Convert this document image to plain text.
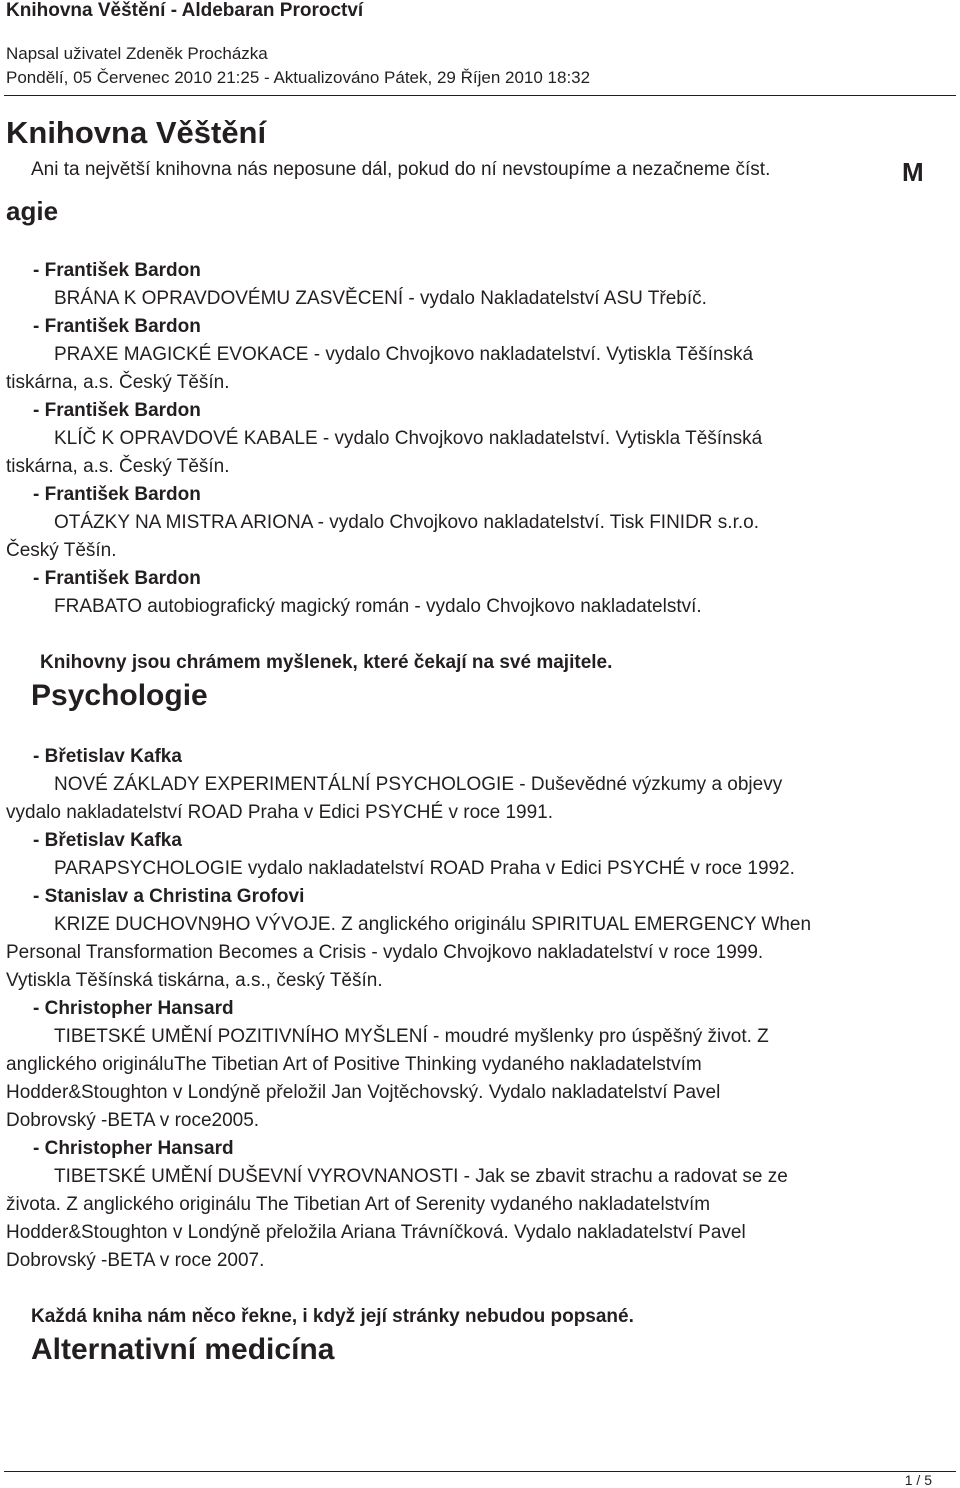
Knihovna Věštění - Aldebaran Proroctví
Napsal uživatel Zdeněk Procházka
Pondělí, 05 Červenec 2010 21:25 - Aktualizováno Pátek, 29 Říjen 2010 18:32
Knihovna Věštění
Ani ta největší knihovna nás neposune dál, pokud do ní nevstoupíme a nezačneme číst.	M
agie
- František Bardon
BRÁNA K OPRAVDOVÉMU ZASVĚCENÍ - vydalo Nakladatelství ASU Třebíč.
- František Bardon
PRAXE MAGICKÉ EVOKACE - vydalo Chvojkovo nakladatelství. Vytiskla Těšínská
tiskárna, a.s. Český Těšín.
- František Bardon
KLÍČ K OPRAVDOVÉ KABALE - vydalo Chvojkovo nakladatelství. Vytiskla Těšínská
tiskárna, a.s. Český Těšín.
- František Bardon
OTÁZKY NA MISTRA ARIONA - vydalo Chvojkovo nakladatelství. Tisk FINIDR s.r.o.
Český Těšín.
- František Bardon
FRABATO autobiografický magický román - vydalo Chvojkovo nakladatelství.
Knihovny jsou chrámem myšlenek, které čekají na své majitele.
Psychologie
- Břetislav Kafka
NOVÉ ZÁKLADY EXPERIMENTÁLNÍ PSYCHOLOGIE - Duševědné výzkumy a objevy
vydalo nakladatelství ROAD Praha v Edici PSYCHÉ v roce 1991.
- Břetislav Kafka
PARAPSYCHOLOGIE vydalo nakladatelství ROAD Praha v Edici PSYCHÉ v roce 1992.
- Stanislav a Christina Grofovi
KRIZE DUCHOVN9HO VÝVOJE. Z anglického originálu SPIRITUAL EMERGENCY When
Personal Transformation Becomes a Crisis - vydalo Chvojkovo nakladatelství v roce 1999.
Vytiskla Těšínská tiskárna, a.s., český Těšín.
- Christopher Hansard
TIBETSKÉ UMĚNÍ POZITIVNÍHO MYŠLENÍ - moudré myšlenky pro úspěšný život. Z
anglického origináluThe Tibetian Art of Positive Thinking vydaného nakladatelstvím
Hodder&Stoughton v Londýně přeložil Jan Vojtěchovský. Vydalo nakladatelství Pavel
Dobrovský -BETA v roce2005.
- Christopher Hansard
TIBETSKÉ UMĚNÍ DUŠEVNÍ VYROVNANOSTI - Jak se zbavit strachu a radovat se ze
života. Z anglického originálu The Tibetian Art of Serenity vydaného nakladatelstvím
Hodder&Stoughton v Londýně přeložila Ariana Trávníčková. Vydalo nakladatelství Pavel
Dobrovský -BETA v roce 2007.
Každá kniha nám něco řekne, i když její stránky nebudou popsané.
Alternativní medicína
1 / 5
